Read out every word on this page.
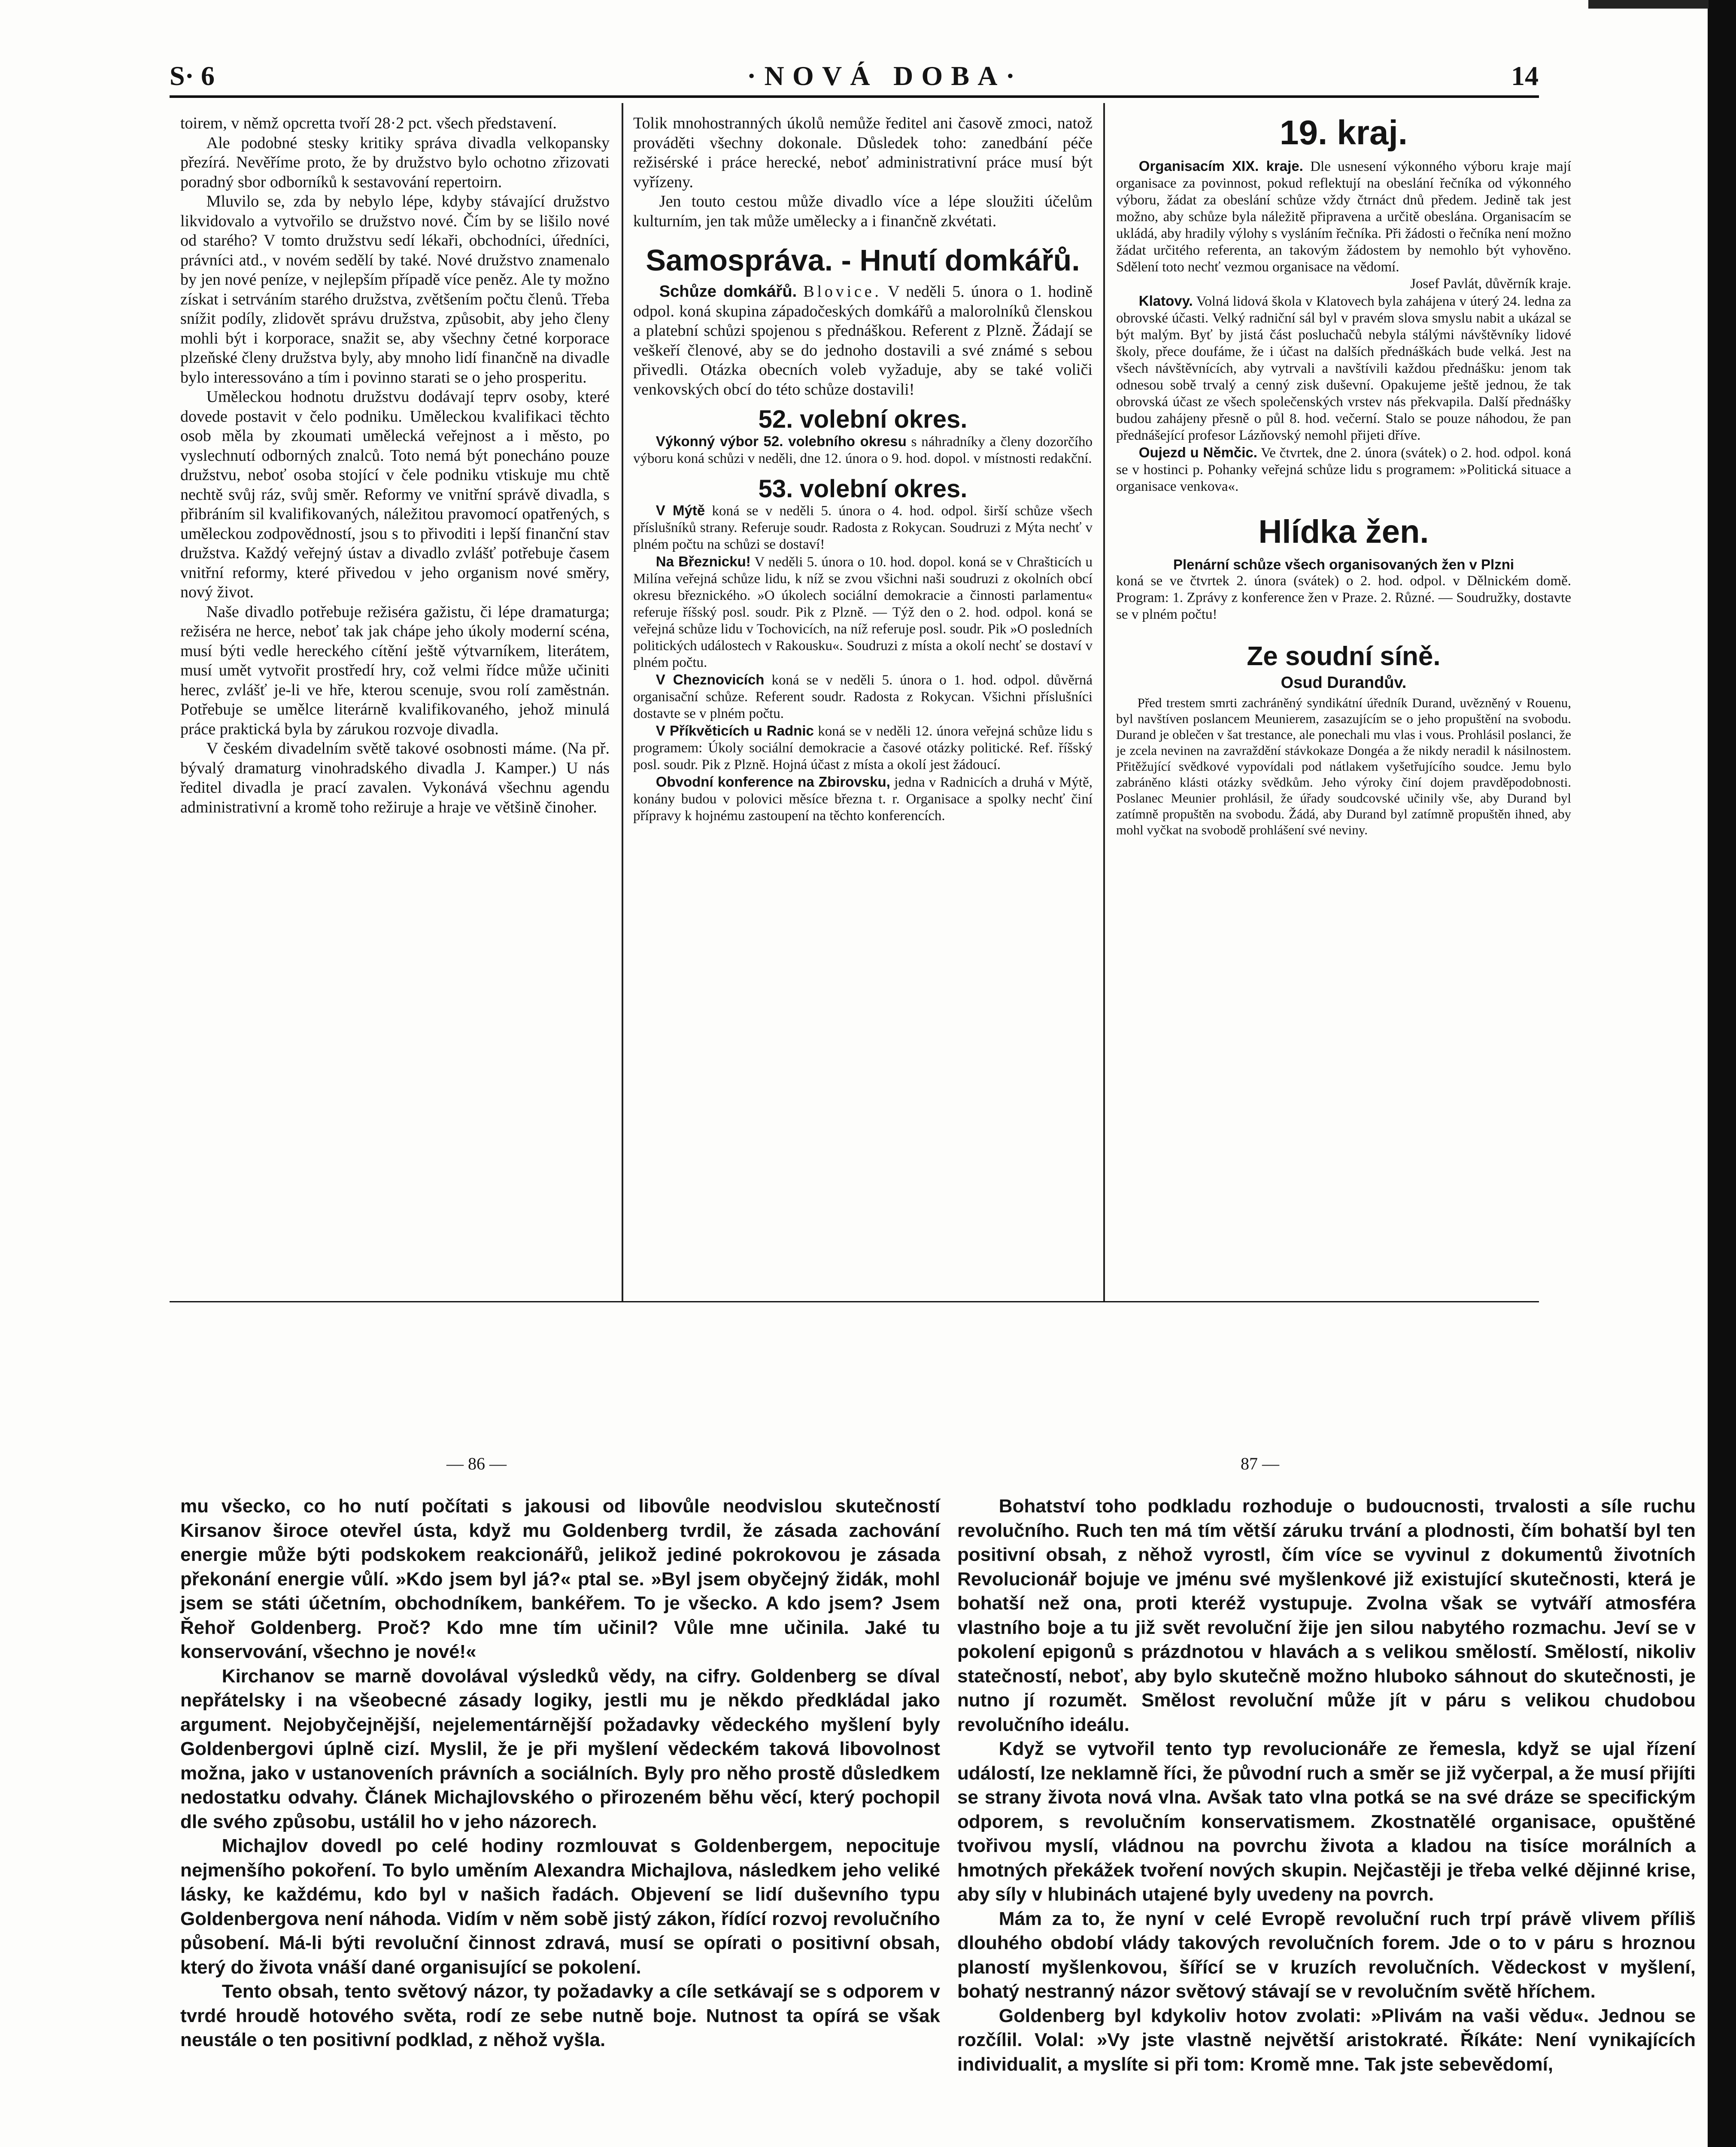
S· 6	·NOVÁ DOBA·	14

toirem, v němž opcretta tvoří 28·2 pct. všech představení.

Ale podobné stesky kritiky správa divadla velkopansky přezírá. Nevěříme proto, že by družstvo bylo ochotno zřizovati poradný sbor odborníků k sestavování repertoirn.

Mluvilo se, zda by nebylo lépe, kdyby stávající družstvo likvidovalo a vytvořilo se družstvo nové. Čím by se lišilo nové od starého? V tomto družstvu sedí lékaři, obchodníci, úředníci, právníci atd., v novém sedělí by také. Nové družstvo znamenalo by jen nové peníze, v nejlepším případě více peněz. Ale ty možno získat i setrváním starého družstva, zvětšením počtu členů. Třeba snížit podíly, zlidovět správu družstva, způsobit, aby jeho členy mohli být i korporace, snažit se, aby všechny četné korporace plzeňské členy družstva byly, aby mnoho lidí finančně na divadle bylo interessováno a tím i povinno starati se o jeho prosperitu.

Uměleckou hodnotu družstvu dodávají teprv osoby, které dovede postavit v čelo podniku. Uměleckou kvalifikaci těchto osob měla by zkoumati umělecká veřejnost a i město, po vyslechnutí odborných znalců. Toto nemá být ponecháno pouze družstvu, neboť osoba stojící v čele podniku vtiskuje mu chtě nechtě svůj ráz, svůj směr. Reformy ve vnitřní správě divadla, s přibráním sil kvalifikovaných, náležitou pravomocí opatřených, s uměleckou zodpovědností, jsou s to přivoditi i lepší finanční stav družstva. Každý veřejný ústav a divadlo zvlášť potřebuje časem vnitřní reformy, které přivedou v jeho organism nové směry, nový život.

Naše divadlo potřebuje režiséra gažistu, či lépe dramaturga; režiséra ne herce, neboť tak jak chápe jeho úkoly moderní scéna, musí býti vedle hereckého cítění ještě výtvarníkem, literátem, musí umět vytvořit prostředí hry, což velmi řídce může učiniti herec, zvlášť je-li ve hře, kterou scenuje, svou rolí zaměstnán. Potřebuje se umělce literárně kvalifikovaného, jehož minulá práce praktická byla by zárukou rozvoje divadla.

V českém divadelním světě takové osobnosti máme. (Na př. bývalý dramaturg vinohradského divadla J. Kamper.) U nás ředitel divadla je prací zavalen. Vykonává všechnu agendu administrativní a kromě toho režiruje a hraje ve většině činoher.

Tolik mnohostranných úkolů nemůže ředitel ani časově zmoci, natož prováděti všechny dokonale. Důsledek toho: zanedbání péče režisérské i práce herecké, neboť administrativní práce musí být vyřízeny.

Jen touto cestou může divadlo více a lépe sloužiti účelům kulturním, jen tak může umělecky a i finančně zkvétati.

Samospráva. - Hnutí domkářů.

Schůze domkářů. Blovice. V neděli 5. února o 1. hodině odpol. koná skupina západočeských domkářů a malorolníků členskou a platební schůzi spojenou s přednáškou. Referent z Plzně. Žádají se veškeří členové, aby se do jednoho dostavili a své známé s sebou přivedli. Otázka obecních voleb vyžaduje, aby se také voliči venkovských obcí do této schůze dostavili!

52. volební okres.

Výkonný výbor 52. volebního okresu s náhradníky a členy dozorčího výboru koná schůzi v neděli, dne 12. února o 9. hod. dopol. v místnosti redakční.

53. volební okres.

V Mýtě koná se v neděli 5. února o 4. hod. odpol. širší schůze všech příslušníků strany. Referuje soudr. Radosta z Rokycan. Soudruzi z Mýta nechť v plném počtu na schůzi se dostaví!

Na Březnicku! V neděli 5. února o 10. hod. dopol. koná se v Chrašticích u Milína veřejná schůze lidu, k níž se zvou všichni naši soudruzi z okolních obcí okresu březnického. »O úkolech sociální demokracie a činnosti parlamentu« referuje říšský posl. soudr. Pik z Plzně. — Týž den o 2. hod. odpol. koná se veřejná schůze lidu v Tochovicích, na níž referuje posl. soudr. Pik »O posledních politických událostech v Rakousku«. Soudruzi z místa a okolí nechť se dostaví v plném počtu.

V Cheznovicích koná se v neděli 5. února o 1. hod. odpol. důvěrná organisační schůze. Referent soudr. Radosta z Rokycan. Všichni příslušníci dostavte se v plném počtu.

V Příkvěticích u Radnic koná se v neděli 12. února veřejná schůze lidu s programem: Úkoly sociální demokracie a časové otázky politické. Ref. říšský posl. soudr. Pik z Plzně. Hojná účast z místa a okolí jest žádoucí.

Obvodní konference na Zbirovsku, jedna v Radnicích a druhá v Mýtě, konány budou v polovici měsíce března t. r. Organisace a spolky nechť činí přípravy k hojnému zastoupení na těchto konferencích.

19. kraj.

Organisacím XIX. kraje. Dle usnesení výkonného výboru kraje mají organisace za povinnost, pokud reflektují na obeslání řečníka od výkonného výboru, žádat za obeslání schůze vždy čtrnáct dnů předem. Jedině tak jest možno, aby schůze byla náležitě připravena a určitě obeslána. Organisacím se ukládá, aby hradily výlohy s vysláním řečníka. Při žádosti o řečníka není možno žádat určitého referenta, an takovým žádostem by nemohlo být vyhověno. Sdělení toto nechť vezmou organisace na vědomí.

Josef Pavlát, důvěrník kraje.

Klatovy. Volná lidová škola v Klatovech byla zahájena v úterý 24. ledna za obrovské účasti. Velký radniční sál byl v pravém slova smyslu nabit a ukázal se být malým. Byť by jistá část posluchačů nebyla stálými návštěvníky lidové školy, přece doufáme, že i účast na dalších přednáškách bude velká. Jest na všech návštěvnících, aby vytrvali a navštívili každou přednášku: jenom tak odnesou sobě trvalý a cenný zisk duševní. Opakujeme ještě jednou, že tak obrovská účast ze všech společenských vrstev nás překvapila. Další přednášky budou zahájeny přesně o půl 8. hod. večerní. Stalo se pouze náhodou, že pan přednášející profesor Lázňovský nemohl přijeti dříve.

Oujezd u Němčic. Ve čtvrtek, dne 2. února (svátek) o 2. hod. odpol. koná se v hostinci p. Pohanky veřejná schůze lidu s programem: »Politická situace a organisace venkova«.

Hlídka žen.

Plenární schůze všech organisovaných žen v Plzni

koná se ve čtvrtek 2. února (svátek) o 2. hod. odpol. v Dělnickém domě. Program: 1. Zprávy z konference žen v Praze. 2. Různé. — Soudružky, dostavte se v plném počtu!

Ze soudní síně.
Osud Durandův.

Před trestem smrti zachráněný syndikátní úředník Durand, uvězněný v Rouenu, byl navštíven poslancem Meunierem, zasazujícím se o jeho propuštění na svobodu. Durand je oblečen v šat trestance, ale ponechali mu vlas i vous. Prohlásil poslanci, že je zcela nevinen na zavraždění stávkokaze Dongéa a že nikdy neradil k násilnostem. Přitěžující svědkové vypovídali pod nátlakem vyšetřujícího soudce. Jemu bylo zabráněno klásti otázky svědkům. Jeho výroky činí dojem pravděpodobnosti. Poslanec Meunier prohlásil, že úřady soudcovské učinily vše, aby Durand byl zatímně propuštěn na svobodu. Žádá, aby Durand byl zatímně propuštěn ihned, aby mohl vyčkat na svobodě prohlášení své neviny.

— 86 —	87 —

mu všecko, co ho nutí počítati s jakousi od libovůle neodvislou skutečností Kirsanov široce otevřel ústa, když mu Goldenberg tvrdil, že zásada zachování energie může býti podskokem reakcionářů, jelikož jediné pokrokovou je zásada překonání energie vůlí. »Kdo jsem byl já?« ptal se. »Byl jsem obyčejný židák, mohl jsem se státi účetním, obchodníkem, bankéřem. To je všecko. A kdo jsem? Jsem Řehoř Goldenberg. Proč? Kdo mne tím učinil? Vůle mne učinila. Jaké tu konservování, všechno je nové!«

Kirchanov se marně dovolával výsledků vědy, na cifry. Goldenberg se díval nepřátelsky i na všeobecné zásady logiky, jestli mu je někdo předkládal jako argument. Nejobyčejnější, nejelementárnější požadavky vědeckého myšlení byly Goldenbergovi úplně cizí. Myslil, že je při myšlení vědeckém taková libovolnost možna, jako v ustanoveních právních a sociálních. Byly pro něho prostě důsledkem nedostatku odvahy. Článek Michajlovského o přirozeném běhu věcí, který pochopil dle svého způsobu, ustálil ho v jeho názorech.

Michajlov dovedl po celé hodiny rozmlouvat s Goldenbergem, nepocituje nejmenšího pokoření. To bylo uměním Alexandra Michajlova, následkem jeho veliké lásky, ke každému, kdo byl v našich řadách. Objevení se lidí duševního typu Goldenbergova není náhoda. Vidím v něm sobě jistý zákon, řídící rozvoj revolučního působení. Má-li býti revoluční činnost zdravá, musí se opírati o positivní obsah, který do života vnáší dané organisující se pokolení.

Tento obsah, tento světový názor, ty požadavky a cíle setkávají se s odporem v tvrdé hroudě hotového světa, rodí ze sebe nutně boje. Nutnost ta opírá se však neustále o ten positivní podklad, z něhož vyšla.

Bohatství toho podkladu rozhoduje o budoucnosti, trvalosti a síle ruchu revolučního. Ruch ten má tím větší záruku trvání a plodnosti, čím bohatší byl ten positivní obsah, z něhož vyrostl, čím více se vyvinul z dokumentů životních Revolucionář bojuje ve jménu své myšlenkové již existující skutečnosti, která je bohatší než ona, proti kteréž vystupuje. Zvolna však se vytváří atmosféra vlastního boje a tu již svět revoluční žije jen silou nabytého rozmachu. Jeví se v pokolení epigonů s prázdnotou v hlavách a s velikou smělostí. Smělostí, nikoliv statečností, neboť, aby bylo skutečně možno hluboko sáhnout do skutečnosti, je nutno jí rozumět. Smělost revoluční může jít v páru s velikou chudobou revolučního ideálu.

Když se vytvořil tento typ revolucionáře ze řemesla, když se ujal řízení událostí, lze neklamně říci, že původní ruch a směr se již vyčerpal, a že musí přijíti se strany života nová vlna. Avšak tato vlna potká se na své dráze se specifickým odporem, s revolučním konservatismem. Zkostnatělé organisace, opuštěné tvořivou myslí, vládnou na povrchu života a kladou na tisíce morálních a hmotných překážek tvoření nových skupin. Nejčastěji je třeba velké dějinné krise, aby síly v hlubinách utajené byly uvedeny na povrch.

Mám za to, že nyní v celé Evropě revoluční ruch trpí právě vlivem příliš dlouhého období vlády takových revolučních forem. Jde o to v páru s hroznou plaností myšlenkovou, šířící se v kruzích revolučních. Vědeckost v myšlení, bohatý nestranný názor světový stávají se v revolučním světě hříchem.

Goldenberg byl kdykoliv hotov zvolati: »Plivám na vaši vědu«. Jednou se rozčílil. Volal: »Vy jste vlastně největší aristokraté. Říkáte: Není vynikajících individualit, a myslíte si při tom: Kromě mne. Tak jste sebevědomí,
